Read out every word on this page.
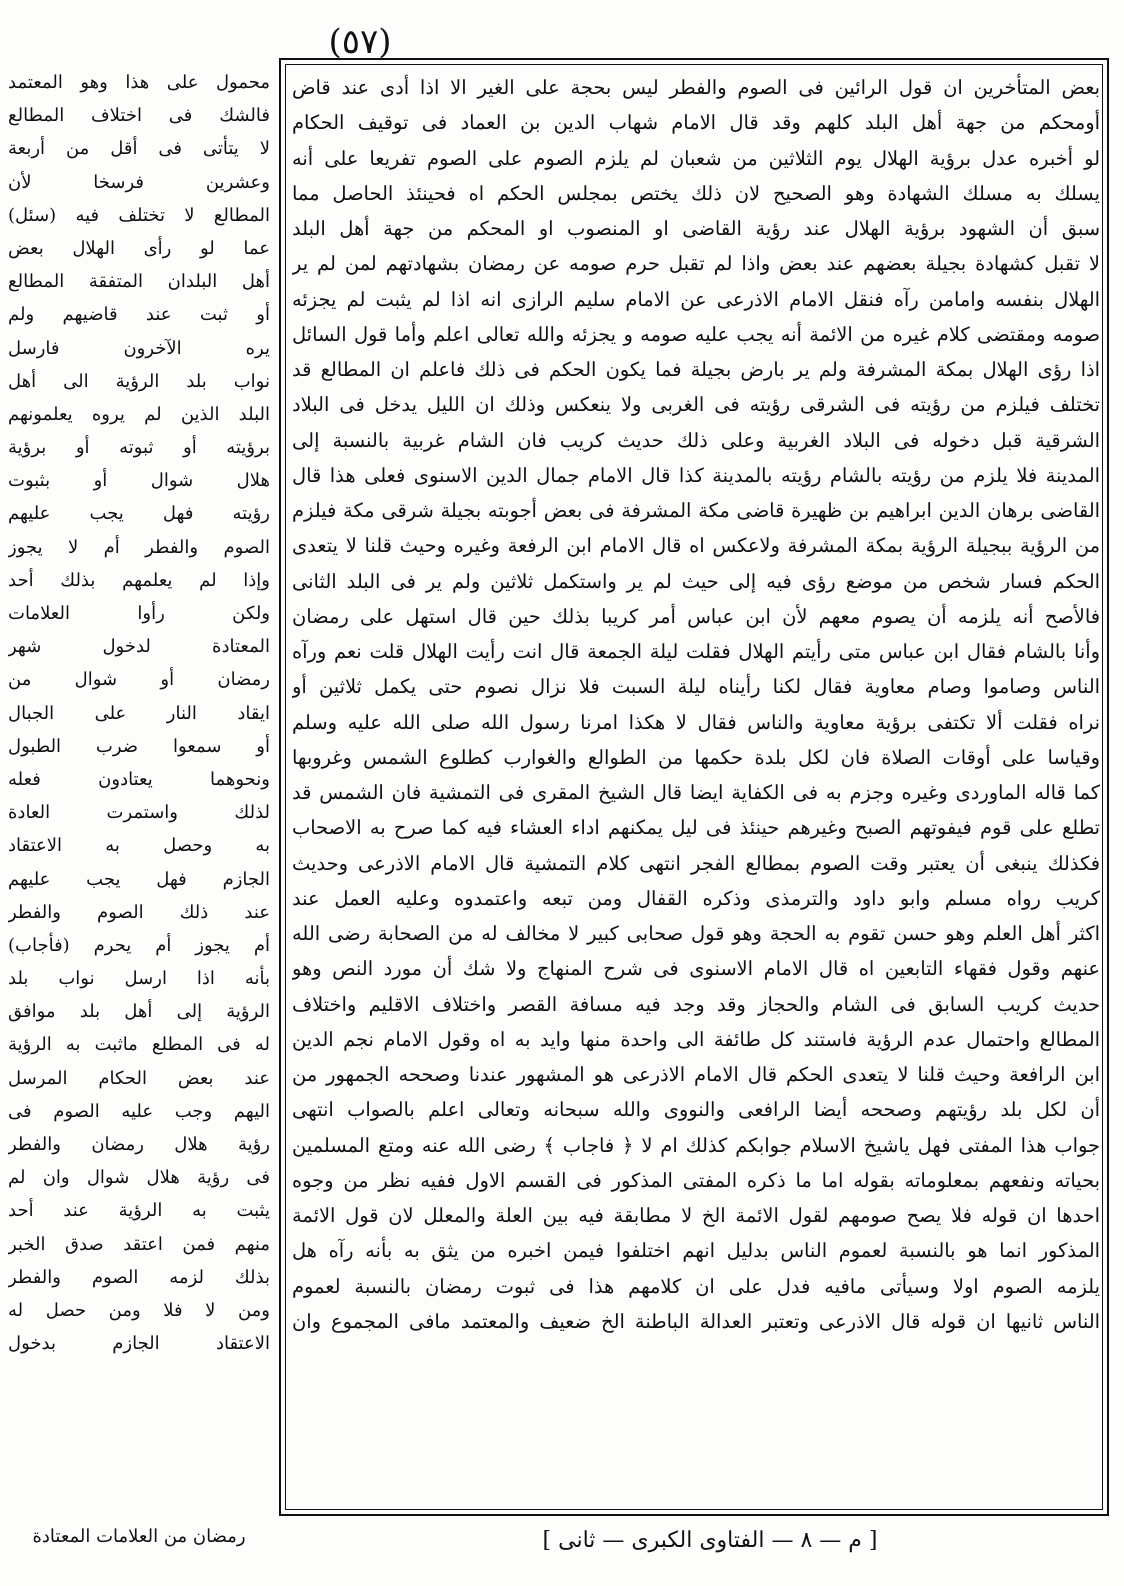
(٥٧)
بعض المتأخرين ان قول الرائين فى الصوم والفطر ليس بحجة على الغير الا اذا أدى عند قاض
أومحكم من جهة أهل البلد كلهم وقد قال الامام شهاب الدين بن العماد فى توقيف الحكام
لو أخبره عدل برؤية الهلال يوم الثلاثين من شعبان لم يلزم الصوم على الصوم تفريعا على أنه
يسلك به مسلك الشهادة وهو الصحيح لان ذلك يختص بمجلس الحكم اه فحينئذ الحاصل مما
سبق أن الشهود برؤية الهلال عند رؤية القاضى او المنصوب او المحكم من جهة أهل البلد
لا تقبل كشهادة بجيلة بعضهم عند بعض واذا لم تقبل حرم صومه عن رمضان بشهادتهم لمن لم ير
الهلال بنفسه وامامن رآه فنقل الامام الاذرعى عن الامام سليم الرازى انه اذا لم يثبت لم يجزئه
صومه ومقتضى كلام غيره من الائمة أنه يجب عليه صومه و يجزئه والله تعالى اعلم وأما قول السائل
اذا رؤى الهلال بمكة المشرفة ولم ير بارض بجيلة فما يكون الحكم فى ذلك فاعلم ان المطالع قد
تختلف فيلزم من رؤيته فى الشرقى رؤيته فى الغربى ولا ينعكس وذلك ان الليل يدخل فى البلاد
الشرقية قبل دخوله فى البلاد الغربية وعلى ذلك حديث كريب فان الشام غربية بالنسبة إلى
المدينة فلا يلزم من رؤيته بالشام رؤيته بالمدينة كذا قال الامام جمال الدين الاسنوى فعلى هذا قال
القاضى برهان الدين ابراهيم بن ظهيرة قاضى مكة المشرفة فى بعض أجوبته بجيلة شرقى مكة فيلزم
من الرؤية ببجيلة الرؤية بمكة المشرفة ولاعكس اه قال الامام ابن الرفعة وغيره وحيث قلنا لا يتعدى
الحكم فسار شخص من موضع رؤى فيه إلى حيث لم ير واستكمل ثلاثين ولم ير فى البلد الثانى
فالأصح أنه يلزمه أن يصوم معهم لأن ابن عباس أمر كريبا بذلك حين قال استهل على رمضان
وأنا بالشام فقال ابن عباس متى رأيتم الهلال فقلت ليلة الجمعة قال انت رأيت الهلال قلت نعم ورآه
الناس وصاموا وصام معاوية فقال لكنا رأيناه ليلة السبت فلا نزال نصوم حتى يكمل ثلاثين أو
نراه فقلت ألا تكتفى برؤية معاوية والناس فقال لا هكذا امرنا رسول الله صلى الله عليه وسلم
وقياسا على أوقات الصلاة فان لكل بلدة حكمها من الطوالع والغوارب كطلوع الشمس وغروبها
كما قاله الماوردى وغيره وجزم به فى الكفاية ايضا قال الشيخ المقرى فى التمشية فان الشمس قد
تطلع على قوم فيفوتهم الصبح وغيرهم حينئذ فى ليل يمكنهم اداء العشاء فيه كما صرح به الاصحاب
فكذلك ينبغى أن يعتبر وقت الصوم بمطالع الفجر انتهى كلام التمشية قال الامام الاذرعى وحديث
كريب رواه مسلم وابو داود والترمذى وذكره القفال ومن تبعه واعتمدوه وعليه العمل عند
اكثر أهل العلم وهو حسن تقوم به الحجة وهو قول صحابى كبير لا مخالف له من الصحابة رضى الله
عنهم وقول فقهاء التابعين اه قال الامام الاسنوى فى شرح المنهاج ولا شك أن مورد النص وهو
حديث كريب السابق فى الشام والحجاز وقد وجد فيه مسافة القصر واختلاف الاقليم واختلاف
المطالع واحتمال عدم الرؤية فاستند كل طائفة الى واحدة منها وايد به اه وقول الامام نجم الدين
ابن الرافعة وحيث قلنا لا يتعدى الحكم قال الامام الاذرعى هو المشهور عندنا وصححه الجمهور من
أن لكل بلد رؤيتهم وصححه أيضا الرافعى والنووى والله سبحانه وتعالى اعلم بالصواب انتهى
جواب هذا المفتى فهل ياشيخ الاسلام جوابكم كذلك ام لا ﴿ فاجاب ﴾ رضى الله عنه ومتع المسلمين
بحياته ونفعهم بمعلوماته بقوله اما ما ذكره المفتى المذكور فى القسم الاول ففيه نظر من وجوه
احدها ان قوله فلا يصح صومهم لقول الائمة الخ لا مطابقة فيه بين العلة والمعلل لان قول الائمة
المذكور انما هو بالنسبة لعموم الناس بدليل انهم اختلفوا فيمن اخبره من يثق به بأنه رآه هل
يلزمه الصوم اولا وسيأتى مافيه فدل على ان كلامهم هذا فى ثبوت رمضان بالنسبة لعموم
الناس ثانيها ان قوله قال الاذرعى وتعتبر العدالة الباطنة الخ ضعيف والمعتمد مافى المجموع وان
محمول على هذا وهو المعتمد
فالشك فى اختلاف المطالع
لا يتأتى فى أقل من أربعة
وعشرين فرسخا لأن
المطالع لا تختلف فيه (سئل)
عما لو رأى الهلال بعض
أهل البلدان المتفقة المطالع
أو ثبت عند قاضيهم ولم
يره الآخرون فارسل
نواب بلد الرؤية الى أهل
البلد الذين لم يروه يعلمونهم
برؤيته أو ثبوته أو برؤية
هلال شوال أو بثبوت
رؤيته فهل يجب عليهم
الصوم والفطر أم لا يجوز
وإذا لم يعلمهم بذلك أحد
ولكن رأوا العلامات
المعتادة لدخول شهر
رمضان أو شوال من
ايقاد النار على الجبال
أو سمعوا ضرب الطبول
ونحوهما يعتادون فعله
لذلك واستمرت العادة
به وحصل به الاعتقاد
الجازم فهل يجب عليهم
عند ذلك الصوم والفطر
أم يجوز أم يحرم (فأجاب)
بأنه اذا ارسل نواب بلد
الرؤية إلى أهل بلد موافق
له فى المطلع ماثبت به الرؤية
عند بعض الحكام المرسل
اليهم وجب عليه الصوم فى
رؤية هلال رمضان والفطر
فى رؤية هلال شوال وان لم
يثبت به الرؤية عند أحد
منهم فمن اعتقد صدق الخبر
بذلك لزمه الصوم والفطر
ومن لا فلا ومن حصل له
الاعتقاد الجازم بدخول
رمضان من العلامات المعتادة	[ م — ٨ — الفتاوى الكبرى — ثانى ]
